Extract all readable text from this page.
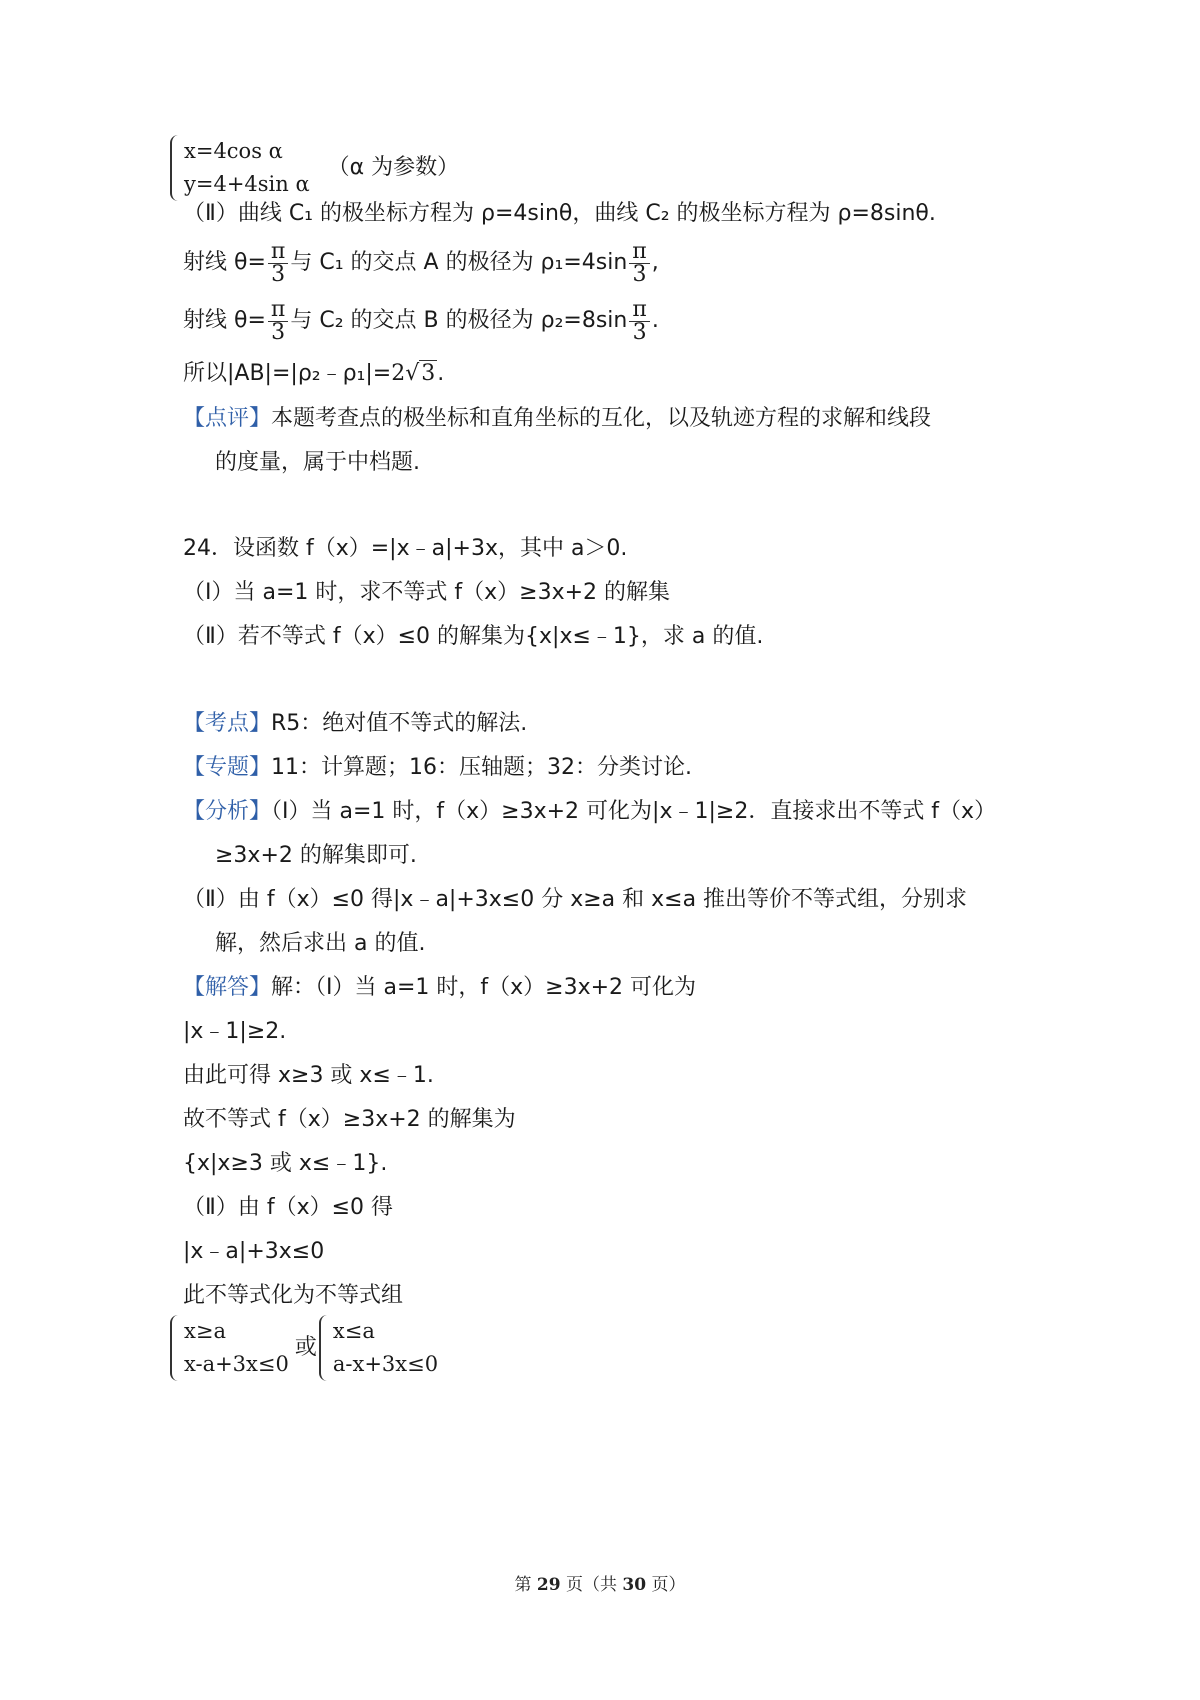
x=4cos α
y=4+4sin α
（α 为参数）
（Ⅱ）曲线 C₁ 的极坐标方程为 ρ=4sinθ，曲线 C₂ 的极坐标方程为 ρ=8sinθ.
射线 $\theta= \frac{\pi}{3}$ 与 C₁ 的交点 A 的极径为 $\rho_1=4\sin \frac{\pi}{3}$ ,
射线 $\theta= \frac{\pi}{3}$ 与 C₂ 的交点 B 的极径为 $\rho_2=8\sin \frac{\pi}{3}$ .
所以|AB|=|ρ₂﹣ρ₁|=2√3.
【点评】本题考查点的极坐标和直角坐标的互化，以及轨迹方程的求解和线段
的度量，属于中档题.
24．设函数 f（x）=|x﹣a|+3x，其中 a＞0.
（Ⅰ）当 a=1 时，求不等式 f（x）≥3x+2 的解集
（Ⅱ）若不等式 f（x）≤0 的解集为{x|x≤﹣1}，求 a 的值.
【考点】R5：绝对值不等式的解法.
【专题】11：计算题；16：压轴题；32：分类讨论.
【分析】（Ⅰ）当 a=1 时，f（x）≥3x+2 可化为|x﹣1|≥2．直接求出不等式 f（x）
≥3x+2 的解集即可.
（Ⅱ）由 f（x）≤0 得|x﹣a|+3x≤0 分 x≥a 和 x≤a 推出等价不等式组，分别求
解，然后求出 a 的值.
【解答】解：（Ⅰ）当 a=1 时，f（x）≥3x+2 可化为
|x﹣1|≥2.
由此可得 x≥3 或 x≤﹣1.
故不等式 f（x）≥3x+2 的解集为
{x|x≥3 或 x≤﹣1}.
（Ⅱ）由 f（x）≤0 得
|x﹣a|+3x≤0
此不等式化为不等式组
x≥a
x-a+3x≤0
或
x≤a
a-x+3x≤0
第 29 页（共 30 页）
